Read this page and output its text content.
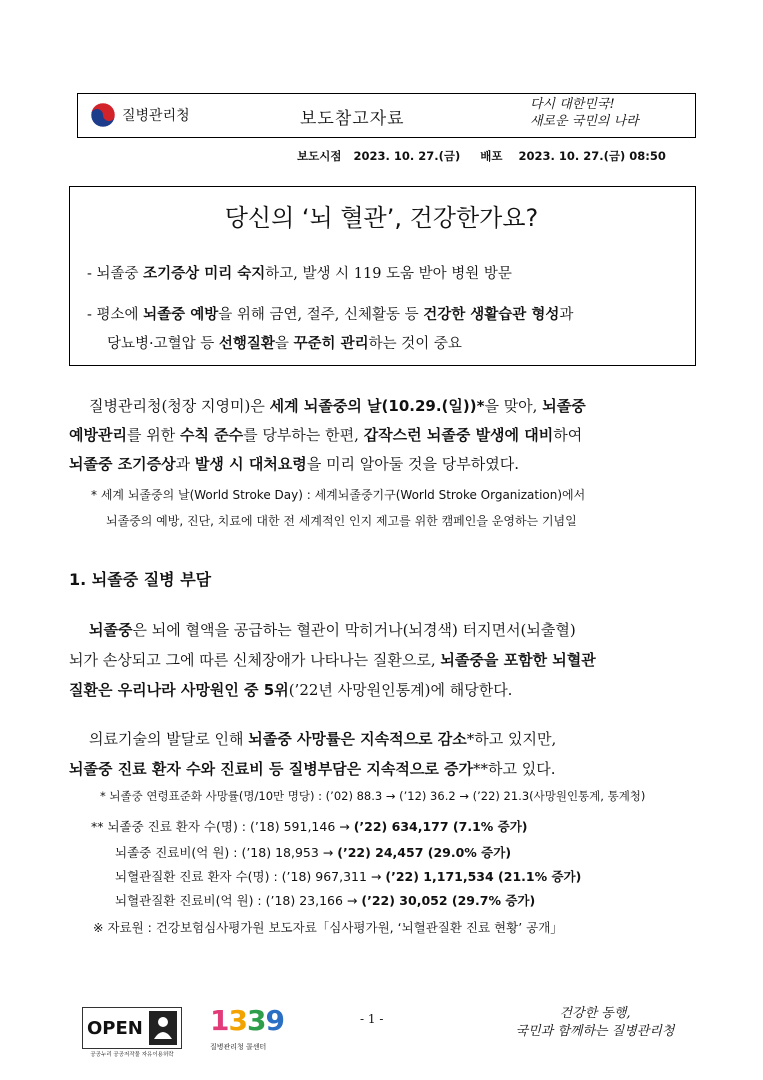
질병관리청	보도참고자료
다시 대한민국!
새로운 국민의 나라
보도시점 2023. 10. 27.(금) 배포 2023. 10. 27.(금) 08:50
당신의 ‘뇌 혈관’, 건강한가요?
- 뇌졸중 조기증상 미리 숙지하고, 발생 시 119 도움 받아 병원 방문
- 평소에 뇌졸중 예방을 위해 금연, 절주, 신체활동 등 건강한 생활습관 형성과
당뇨병·고혈압 등 선행질환을 꾸준히 관리하는 것이 중요
질병관리청(청장 지영미)은 세계 뇌졸중의 날(10.29.(일))*을 맞아, 뇌졸중
예방관리를 위한 수칙 준수를 당부하는 한편, 갑작스런 뇌졸중 발생에 대비하여
뇌졸중 조기증상과 발생 시 대처요령을 미리 알아둘 것을 당부하였다.
* 세계 뇌졸중의 날(World Stroke Day) : 세계뇌졸중기구(World Stroke Organization)에서
뇌졸중의 예방, 진단, 치료에 대한 전 세계적인 인지 제고를 위한 캠페인을 운영하는 기념일
1. 뇌졸중 질병 부담
뇌졸중은 뇌에 혈액을 공급하는 혈관이 막히거나(뇌경색) 터지면서(뇌출혈)
뇌가 손상되고 그에 따른 신체장애가 나타나는 질환으로, 뇌졸중을 포함한 뇌혈관
질환은 우리나라 사망원인 중 5위(’22년 사망원인통계)에 해당한다.
의료기술의 발달로 인해 뇌졸중 사망률은 지속적으로 감소*하고 있지만,
뇌졸중 진료 환자 수와 진료비 등 질병부담은 지속적으로 증가**하고 있다.
* 뇌졸중 연령표준화 사망률(명/10만 명당) : (’02) 88.3 → (’12) 36.2 → (’22) 21.3(사망원인통계, 통계청)
** 뇌졸중 진료 환자 수(명) : (’18) 591,146 → (’22) 634,177 (7.1% 증가)
뇌졸중 진료비(억 원) : (’18) 18,953 → (’22) 24,457 (29.0% 증가)
뇌혈관질환 진료 환자 수(명) : (’18) 967,311 → (’22) 1,171,534 (21.1% 증가)
뇌혈관질환 진료비(억 원) : (’18) 23,166 → (’22) 30,052 (29.7% 증가)
※ 자료원 : 건강보험심사평가원 보도자료「심사평가원, ‘뇌혈관질환 진료 현황’ 공개」
OPEN
공공누리 공공저작물 자유이용허락
1339
질병관리청 콜센터
- 1 -	건강한 동행,
국민과 함께하는 질병관리청
